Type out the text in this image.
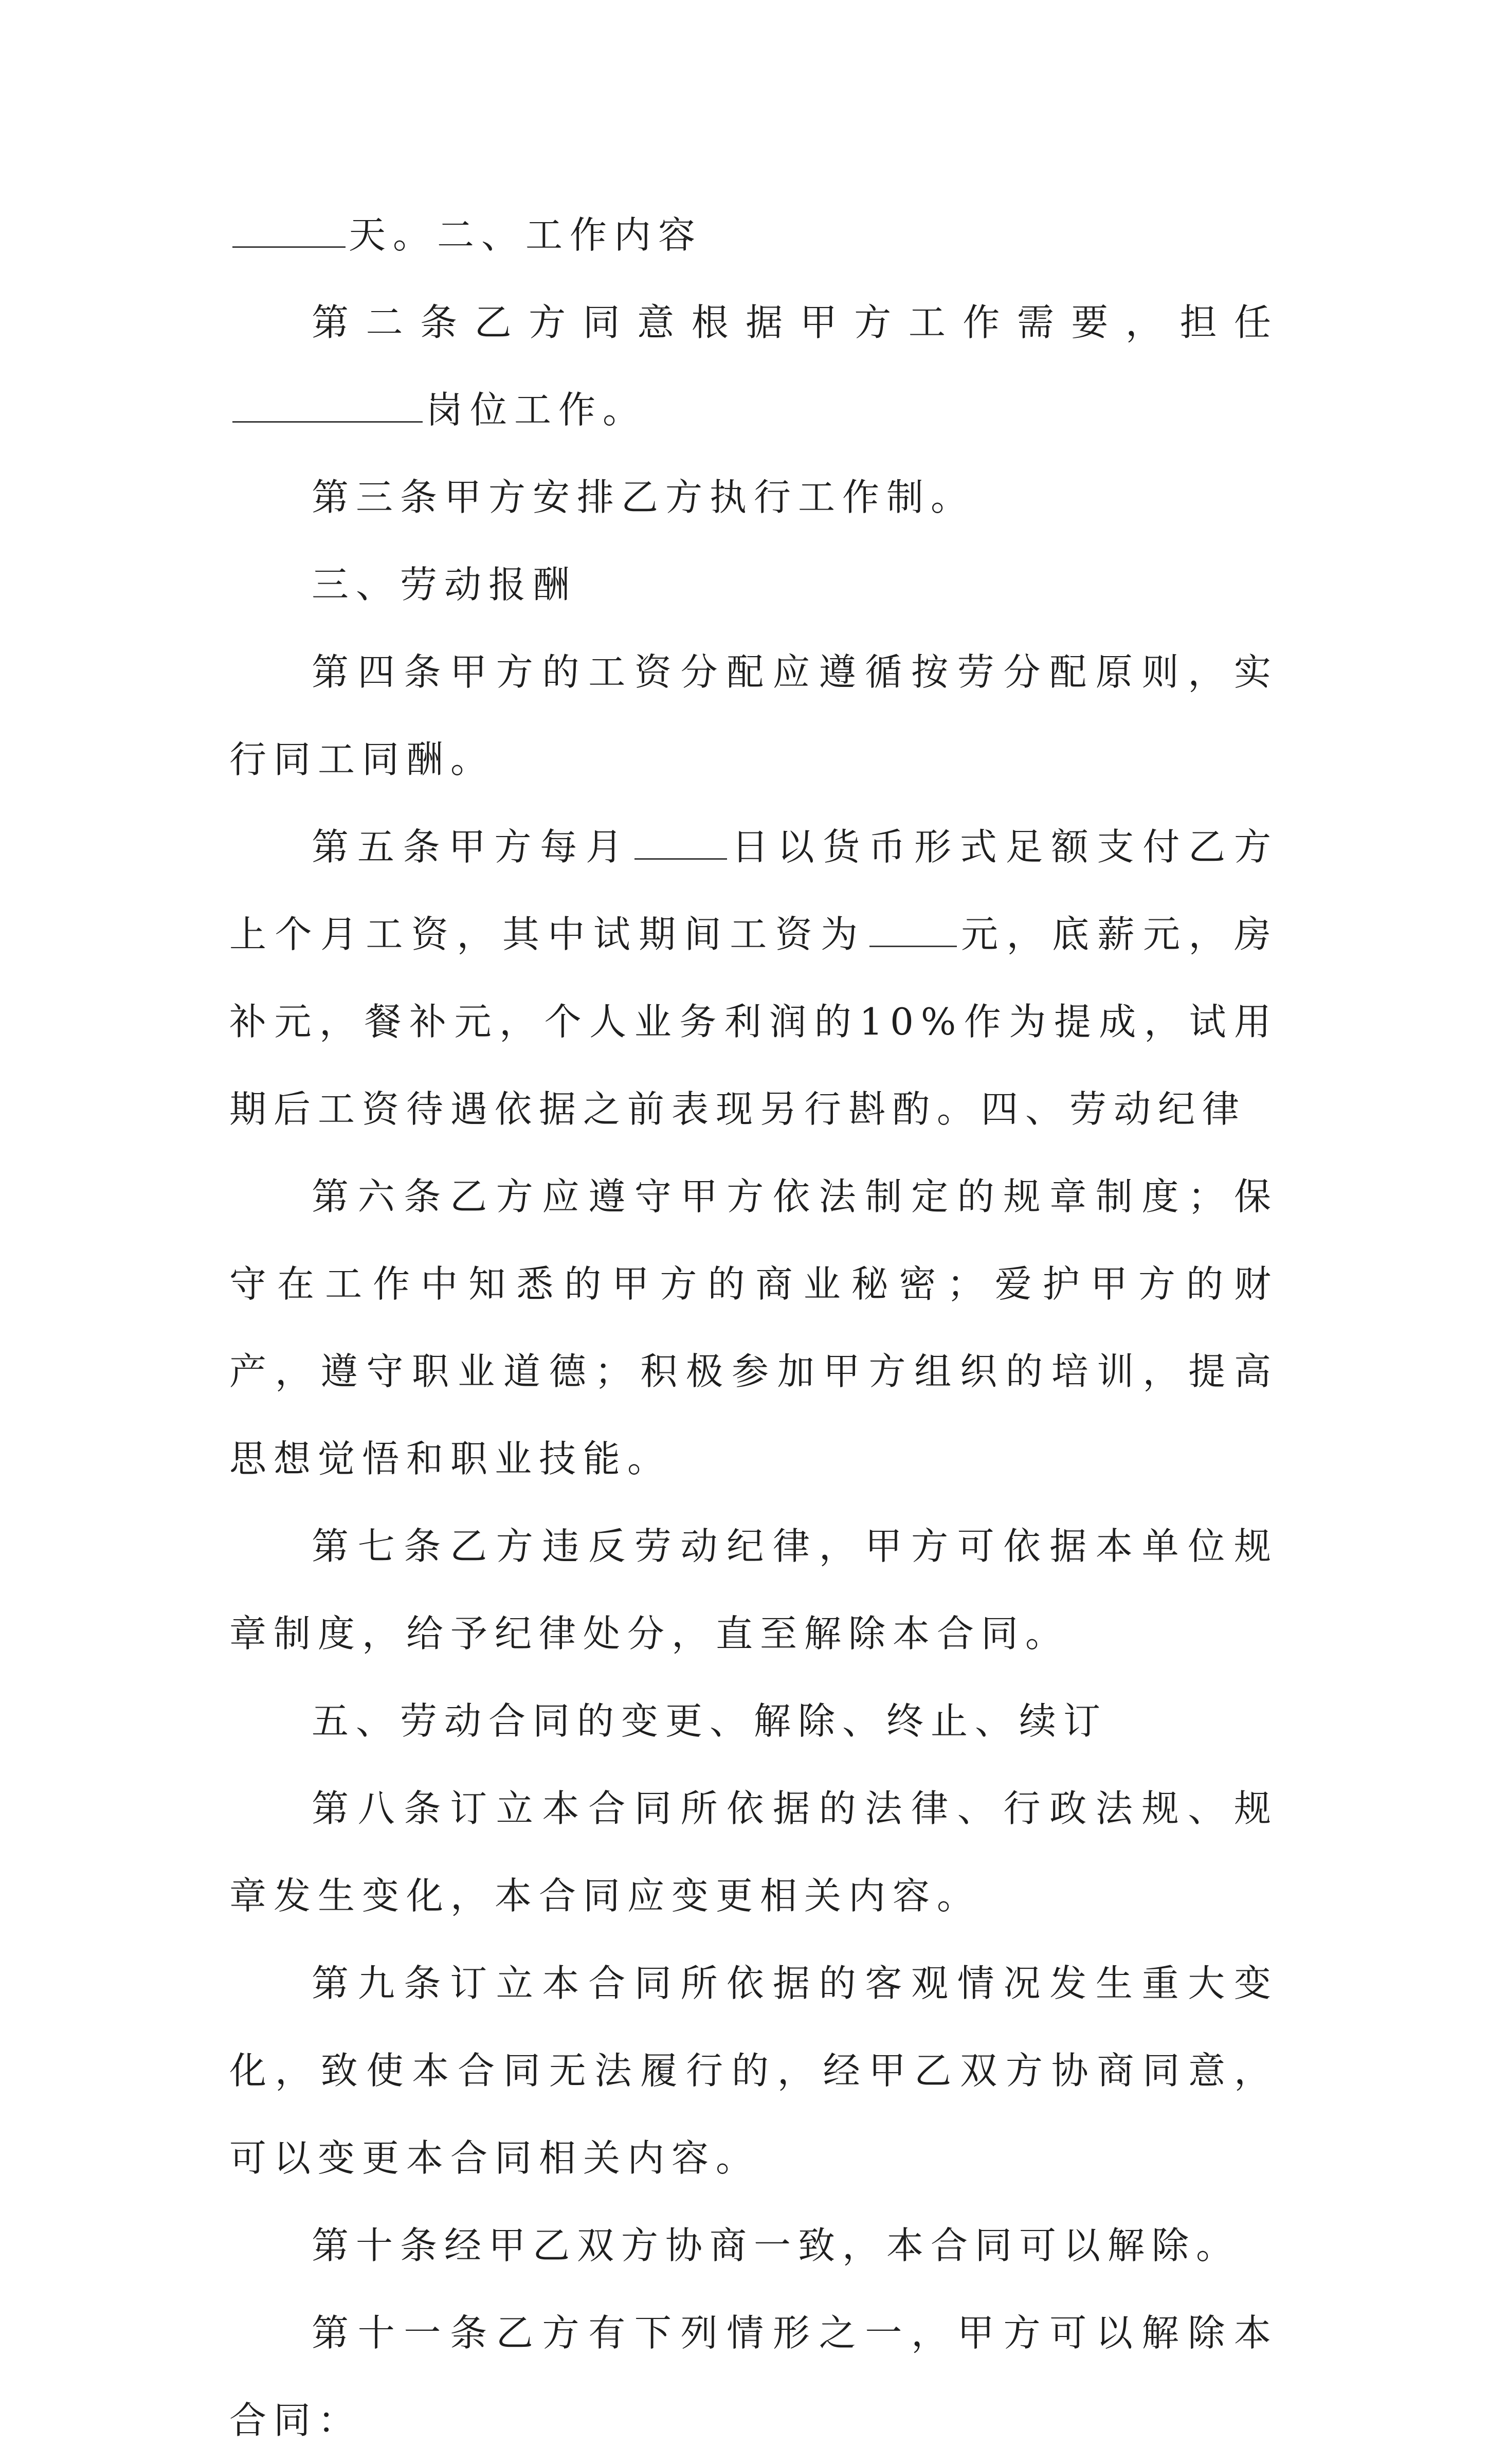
天。二、工作内容

第二条乙方同意根据甲方工作需要，担任岗位工作。

第三条甲方安排乙方执行工作制。

三、劳动报酬

第四条甲方的工资分配应遵循按劳分配原则，实行同工同酬。

第五条甲方每月	日以货币形式足额支付乙方上个月工资，其中试期间工资为	元，底薪元，房补元，餐补元，个人业务利润的10%作为提成，试用期后工资待遇依据之前表现另行斟酌。四、劳动纪律

第六条乙方应遵守甲方依法制定的规章制度；保守在工作中知悉的甲方的商业秘密；爱护甲方的财产，遵守职业道德；积极参加甲方组织的培训，提高思想觉悟和职业技能。

第七条乙方违反劳动纪律，甲方可依据本单位规章制度，给予纪律处分，直至解除本合同。

五、劳动合同的变更、解除、终止、续订

第八条订立本合同所依据的法律、行政法规、规章发生变化，本合同应变更相关内容。

第九条订立本合同所依据的客观情况发生重大变化，致使本合同无法履行的，经甲乙双方协商同意，可以变更本合同相关内容。

第十条经甲乙双方协商一致，本合同可以解除。

第十一条乙方有下列情形之一，甲方可以解除本合同：
